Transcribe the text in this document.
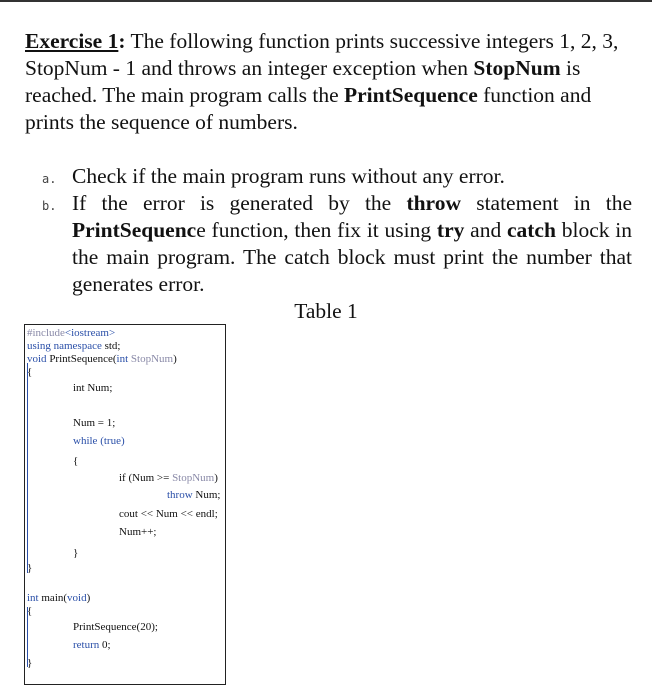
Exercise 1: The following function prints successive integers 1, 2, 3, StopNum - 1 and throws an integer exception when StopNum is reached. The main program calls the PrintSequence function and prints the sequence of numbers.
a. Check if the main program runs without any error.
b. If the error is generated by the throw statement in the PrintSequence function, then fix it using try and catch block in the main program. The catch block must print the number that generates error.
Table 1
#include<iostream>
using namespace std;
void PrintSequence(int StopNum)
{
int Num;
Num = 1;
while (true)
{
if (Num >= StopNum)
throw Num;
cout << Num << endl;
Num++;
}
}
int main(void)
{
PrintSequence(20);
return 0;
}
